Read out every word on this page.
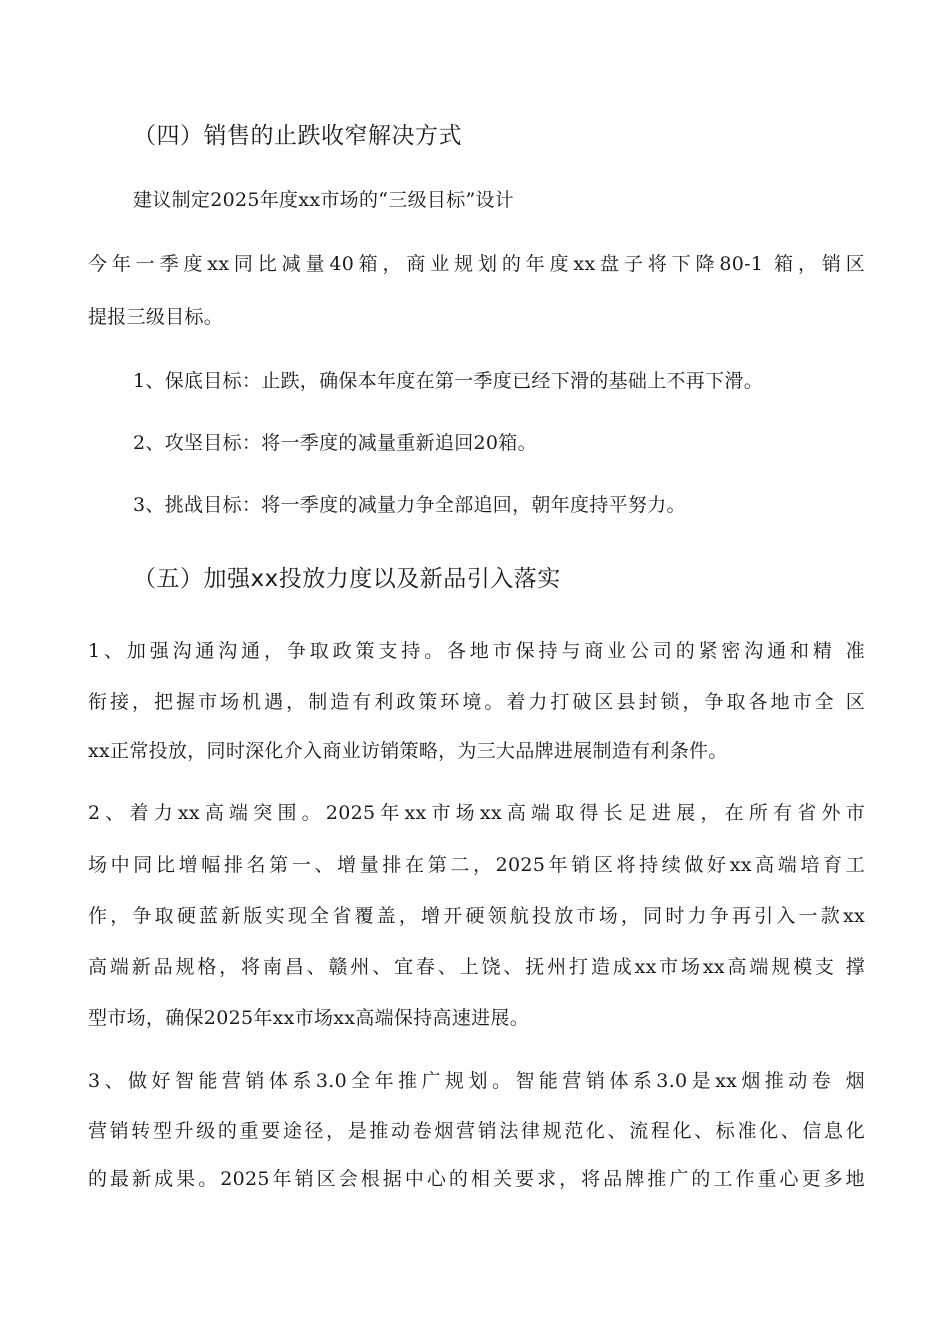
（四）销售的止跌收窄解决方式
建议制定2025年度xx市场的“三级目标”设计
今年一季度xx同比减量40箱，商业规划的年度xx盘子将下降80-1 箱，销区
提报三级目标。
1、保底目标：止跌，确保本年度在第一季度已经下滑的基础上不再下滑。
2、攻坚目标：将一季度的减量重新追回20箱。
3、挑战目标：将一季度的减量力争全部追回，朝年度持平努力。
（五）加强xx投放力度以及新品引入落实
1、加强沟通沟通，争取政策支持。各地市保持与商业公司的紧密沟通和精 准
衔接，把握市场机遇，制造有利政策环境。着力打破区县封锁，争取各地市全 区
xx正常投放，同时深化介入商业访销策略，为三大品牌进展制造有利条件。
2、着力xx高端突围。2025年xx市场xx高端取得长足进展，在所有省外市
场中同比增幅排名第一、增量排在第二，2025年销区将持续做好xx高端培育工
作，争取硬蓝新版实现全省覆盖，增开硬领航投放市场，同时力争再引入一款xx
高端新品规格，将南昌、赣州、宜春、上饶、抚州打造成xx市场xx高端规模支 撑
型市场，确保2025年xx市场xx高端保持高速进展。
3、做好智能营销体系3.0全年推广规划。智能营销体系3.0是xx烟推动卷 烟
营销转型升级的重要途径，是推动卷烟营销法律规范化、流程化、标准化、信息化
的最新成果。2025年销区会根据中心的相关要求，将品牌推广的工作重心更多地
